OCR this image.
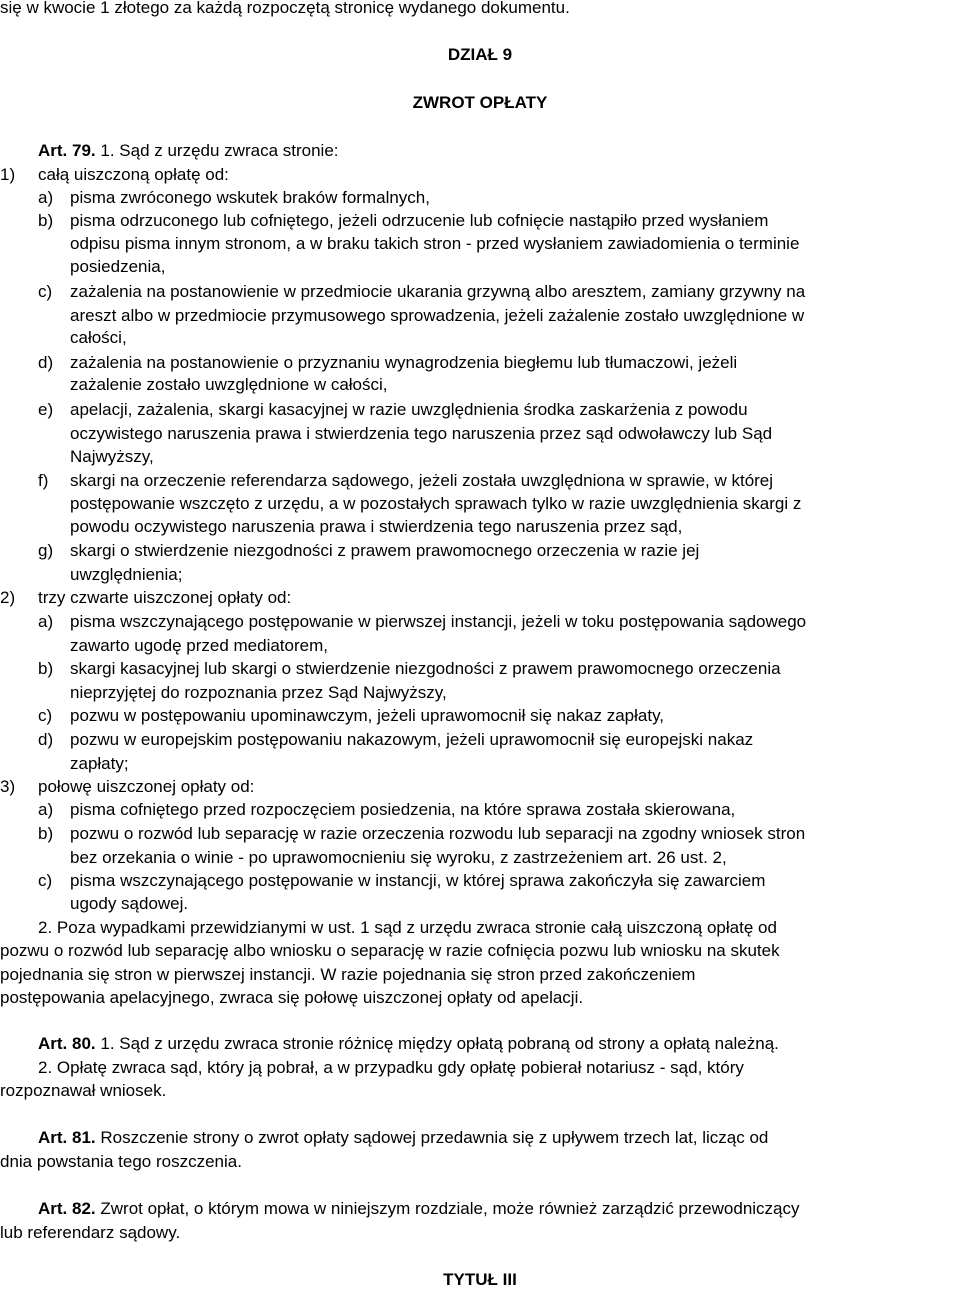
się w kwocie 1 złotego za każdą rozpoczętą stronicę wydanego dokumentu.
DZIAŁ 9
ZWROT OPŁATY
Art. 79. 1. Sąd z urzędu zwraca stronie:
1) całą uiszczoną opłatę od:
a) pisma zwróconego wskutek braków formalnych,
b) pisma odrzuconego lub cofniętego, jeżeli odrzucenie lub cofnięcie nastąpiło przed wysłaniem
odpisu pisma innym stronom, a w braku takich stron - przed wysłaniem zawiadomienia o terminie
posiedzenia,
c) zażalenia na postanowienie w przedmiocie ukarania grzywną albo aresztem, zamiany grzywny na
areszt albo w przedmiocie przymusowego sprowadzenia, jeżeli zażalenie zostało uwzględnione w
całości,
d) zażalenia na postanowienie o przyznaniu wynagrodzenia biegłemu lub tłumaczowi, jeżeli
zażalenie zostało uwzględnione w całości,
e) apelacji, zażalenia, skargi kasacyjnej w razie uwzględnienia środka zaskarżenia z powodu
oczywistego naruszenia prawa i stwierdzenia tego naruszenia przez sąd odwoławczy lub Sąd
Najwyższy,
f) skargi na orzeczenie referendarza sądowego, jeżeli została uwzględniona w sprawie, w której
postępowanie wszczęto z urzędu, a w pozostałych sprawach tylko w razie uwzględnienia skargi z
powodu oczywistego naruszenia prawa i stwierdzenia tego naruszenia przez sąd,
g) skargi o stwierdzenie niezgodności z prawem prawomocnego orzeczenia w razie jej
uwzględnienia;
2) trzy czwarte uiszczonej opłaty od:
a) pisma wszczynającego postępowanie w pierwszej instancji, jeżeli w toku postępowania sądowego
zawarto ugodę przed mediatorem,
b) skargi kasacyjnej lub skargi o stwierdzenie niezgodności z prawem prawomocnego orzeczenia
nieprzyjętej do rozpoznania przez Sąd Najwyższy,
c) pozwu w postępowaniu upominawczym, jeżeli uprawomocnił się nakaz zapłaty,
d) pozwu w europejskim postępowaniu nakazowym, jeżeli uprawomocnił się europejski nakaz
zapłaty;
3) połowę uiszczonej opłaty od:
a) pisma cofniętego przed rozpoczęciem posiedzenia, na które sprawa została skierowana,
b) pozwu o rozwód lub separację w razie orzeczenia rozwodu lub separacji na zgodny wniosek stron
bez orzekania o winie - po uprawomocnieniu się wyroku, z zastrzeżeniem art. 26 ust. 2,
c) pisma wszczynającego postępowanie w instancji, w której sprawa zakończyła się zawarciem
ugody sądowej.
2. Poza wypadkami przewidzianymi w ust. 1 sąd z urzędu zwraca stronie całą uiszczoną opłatę od
pozwu o rozwód lub separację albo wniosku o separację w razie cofnięcia pozwu lub wniosku na skutek
pojednania się stron w pierwszej instancji. W razie pojednania się stron przed zakończeniem
postępowania apelacyjnego, zwraca się połowę uiszczonej opłaty od apelacji.
Art. 80. 1. Sąd z urzędu zwraca stronie różnicę między opłatą pobraną od strony a opłatą należną.
2. Opłatę zwraca sąd, który ją pobrał, a w przypadku gdy opłatę pobierał notariusz - sąd, który
rozpoznawał wniosek.
Art. 81. Roszczenie strony o zwrot opłaty sądowej przedawnia się z upływem trzech lat, licząc od
dnia powstania tego roszczenia.
Art. 82. Zwrot opłat, o którym mowa w niniejszym rozdziale, może również zarządzić przewodniczący
lub referendarz sądowy.
TYTUŁ III
